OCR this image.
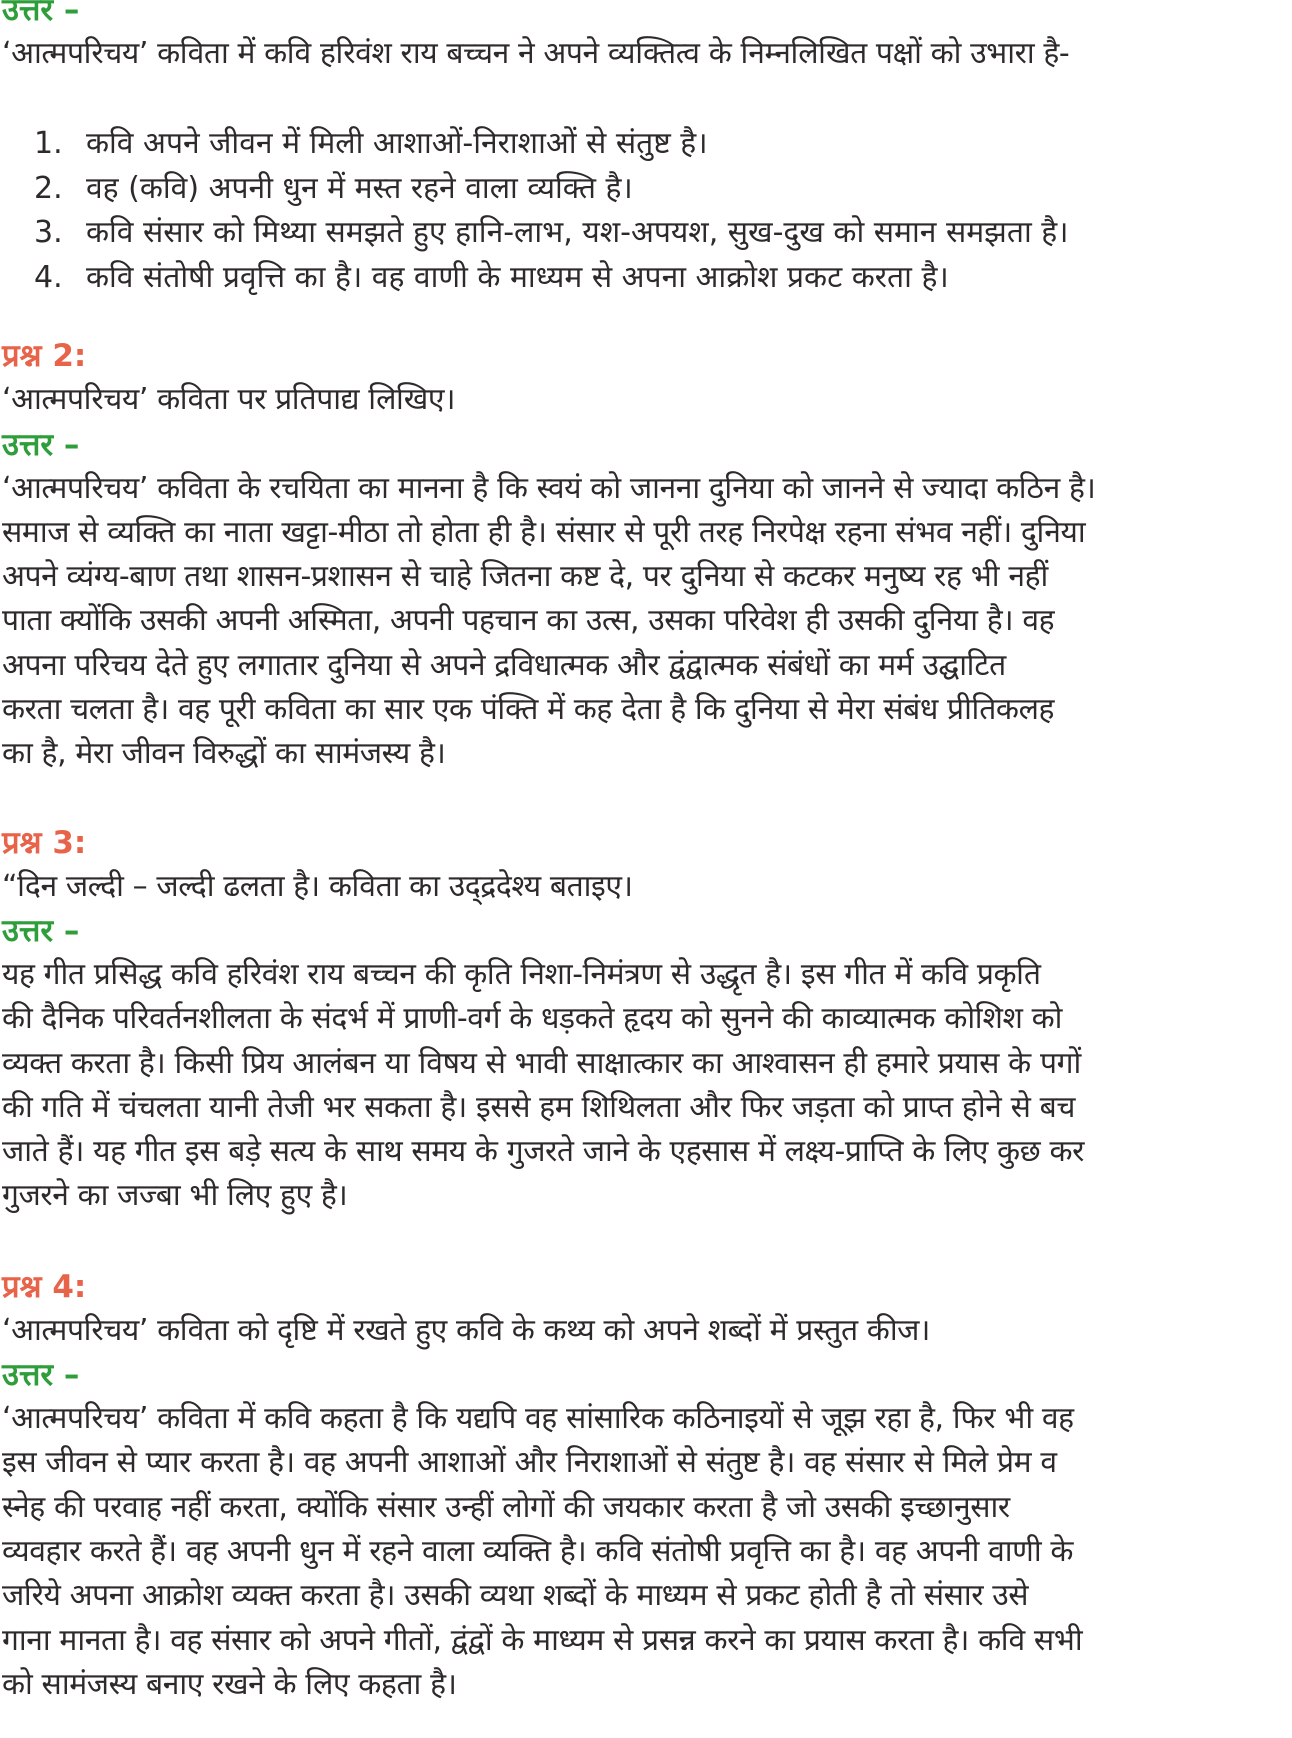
उत्तर –

‘आत्मपरिचय’ कविता में कवि हरिवंश राय बच्चन ने अपने व्यक्तित्व के निम्नलिखित पक्षों को उभारा है-

1. कवि अपने जीवन में मिली आशाओं-निराशाओं से संतुष्ट है।
2. वह (कवि) अपनी धुन में मस्त रहने वाला व्यक्ति है।
3. कवि संसार को मिथ्या समझते हुए हानि-लाभ, यश-अपयश, सुख-दुख को समान समझता है।
4. कवि संतोषी प्रवृत्ति का है। वह वाणी के माध्यम से अपना आक्रोश प्रकट करता है।
प्रश्न 2:

‘आत्मपरिचय’ कविता पर प्रतिपाद्य लिखिए।

उत्तर –

‘आत्मपरिचय’ कविता के रचयिता का मानना है कि स्वयं को जानना दुनिया को जानने से ज्यादा कठिन है।

समाज से व्यक्ति का नाता खट्टा-मीठा तो होता ही है। संसार से पूरी तरह निरपेक्ष रहना संभव नहीं। दुनिया

अपने व्यंग्य-बाण तथा शासन-प्रशासन से चाहे जितना कष्ट दे, पर दुनिया से कटकर मनुष्य रह भी नहीं

पाता क्योंकि उसकी अपनी अस्मिता, अपनी पहचान का उत्स, उसका परिवेश ही उसकी दुनिया है। वह

अपना परिचय देते हुए लगातार दुनिया से अपने द्रविधात्मक और द्वंद्वात्मक संबंधों का मर्म उद्घाटित

करता चलता है। वह पूरी कविता का सार एक पंक्ति में कह देता है कि दुनिया से मेरा संबंध प्रीतिकलह

का है, मेरा जीवन विरुद्धों का सामंजस्य है।

प्रश्न 3:

“दिन जल्दी – जल्दी ढलता है। कविता का उद्द्रदेश्य बताइए।

उत्तर –

यह गीत प्रसिद्ध कवि हरिवंश राय बच्चन की कृति निशा-निमंत्रण से उद्धृत है। इस गीत में कवि प्रकृति

की दैनिक परिवर्तनशीलता के संदर्भ में प्राणी-वर्ग के धड़कते हृदय को सुनने की काव्यात्मक कोशिश को

व्यक्त करता है। किसी प्रिय आलंबन या विषय से भावी साक्षात्कार का आश्वासन ही हमारे प्रयास के पगों

की गति में चंचलता यानी तेजी भर सकता है। इससे हम शिथिलता और फिर जड़ता को प्राप्त होने से बच

जाते हैं। यह गीत इस बड़े सत्य के साथ समय के गुजरते जाने के एहसास में लक्ष्य-प्राप्ति के लिए कुछ कर

गुजरने का जज्बा भी लिए हुए है।

प्रश्न 4:

‘आत्मपरिचय’ कविता को दृष्टि में रखते हुए कवि के कथ्य को अपने शब्दों में प्रस्तुत कीज।

उत्तर –

‘आत्मपरिचय’ कविता में कवि कहता है कि यद्यपि वह सांसारिक कठिनाइयों से जूझ रहा है, फिर भी वह

इस जीवन से प्यार करता है। वह अपनी आशाओं और निराशाओं से संतुष्ट है। वह संसार से मिले प्रेम व

स्नेह की परवाह नहीं करता, क्योंकि संसार उन्हीं लोगों की जयकार करता है जो उसकी इच्छानुसार

व्यवहार करते हैं। वह अपनी धुन में रहने वाला व्यक्ति है। कवि संतोषी प्रवृत्ति का है। वह अपनी वाणी के

जरिये अपना आक्रोश व्यक्त करता है। उसकी व्यथा शब्दों के माध्यम से प्रकट होती है तो संसार उसे

गाना मानता है। वह संसार को अपने गीतों, द्वंद्वों के माध्यम से प्रसन्न करने का प्रयास करता है। कवि सभी

को सामंजस्य बनाए रखने के लिए कहता है।
